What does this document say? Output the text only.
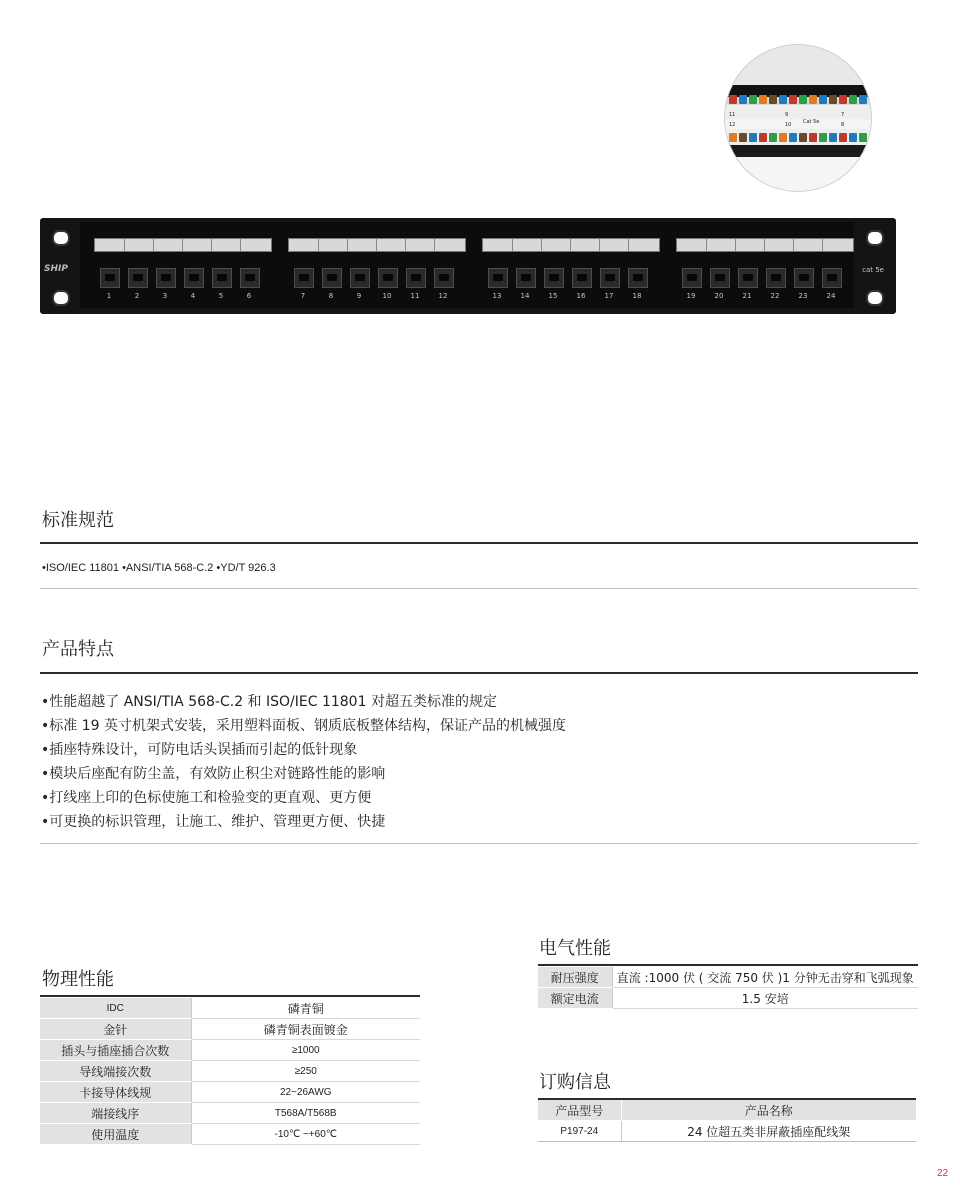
11	9
Cat 5e
7
12	10	8
1	2	3	4	5	6	7	8	9	10	11	12	13	14	15	16	17	18	19	20	21	22	23	24
cat 5e
SHIP
标准规范
•ISO/IEC 11801 •ANSI/TIA 568-C.2 •YD/T 926.3
产品特点
•性能超越了 ANSI/TIA 568-C.2 和 ISO/IEC 11801 对超五类标准的规定
•标准 19 英寸机架式安装，采用塑料面板、钢质底板整体结构，保证产品的机械强度
•插座特殊设计，可防电话头误插而引起的低针现象
•模块后座配有防尘盖，有效防止积尘对链路性能的影响
•打线座上印的色标使施工和检验变的更直观、更方便
•可更换的标识管理，让施工、维护、管理更方便、快捷
物理性能
IDC	磷青铜
金针	磷青铜表面镀金
插头与插座插合次数	≥1000
导线端接次数	≥250
卡接导体线规	22~26AWG
端接线序	T568A/T568B
使用温度	-10℃ ~+60℃
电气性能
耐压强度	直流 :1000 伏 ( 交流 750 伏 )1 分钟无击穿和飞弧现象
额定电流	1.5 安培
订购信息
产品型号	产品名称
P197-24	24 位超五类非屏蔽插座配线架
22
